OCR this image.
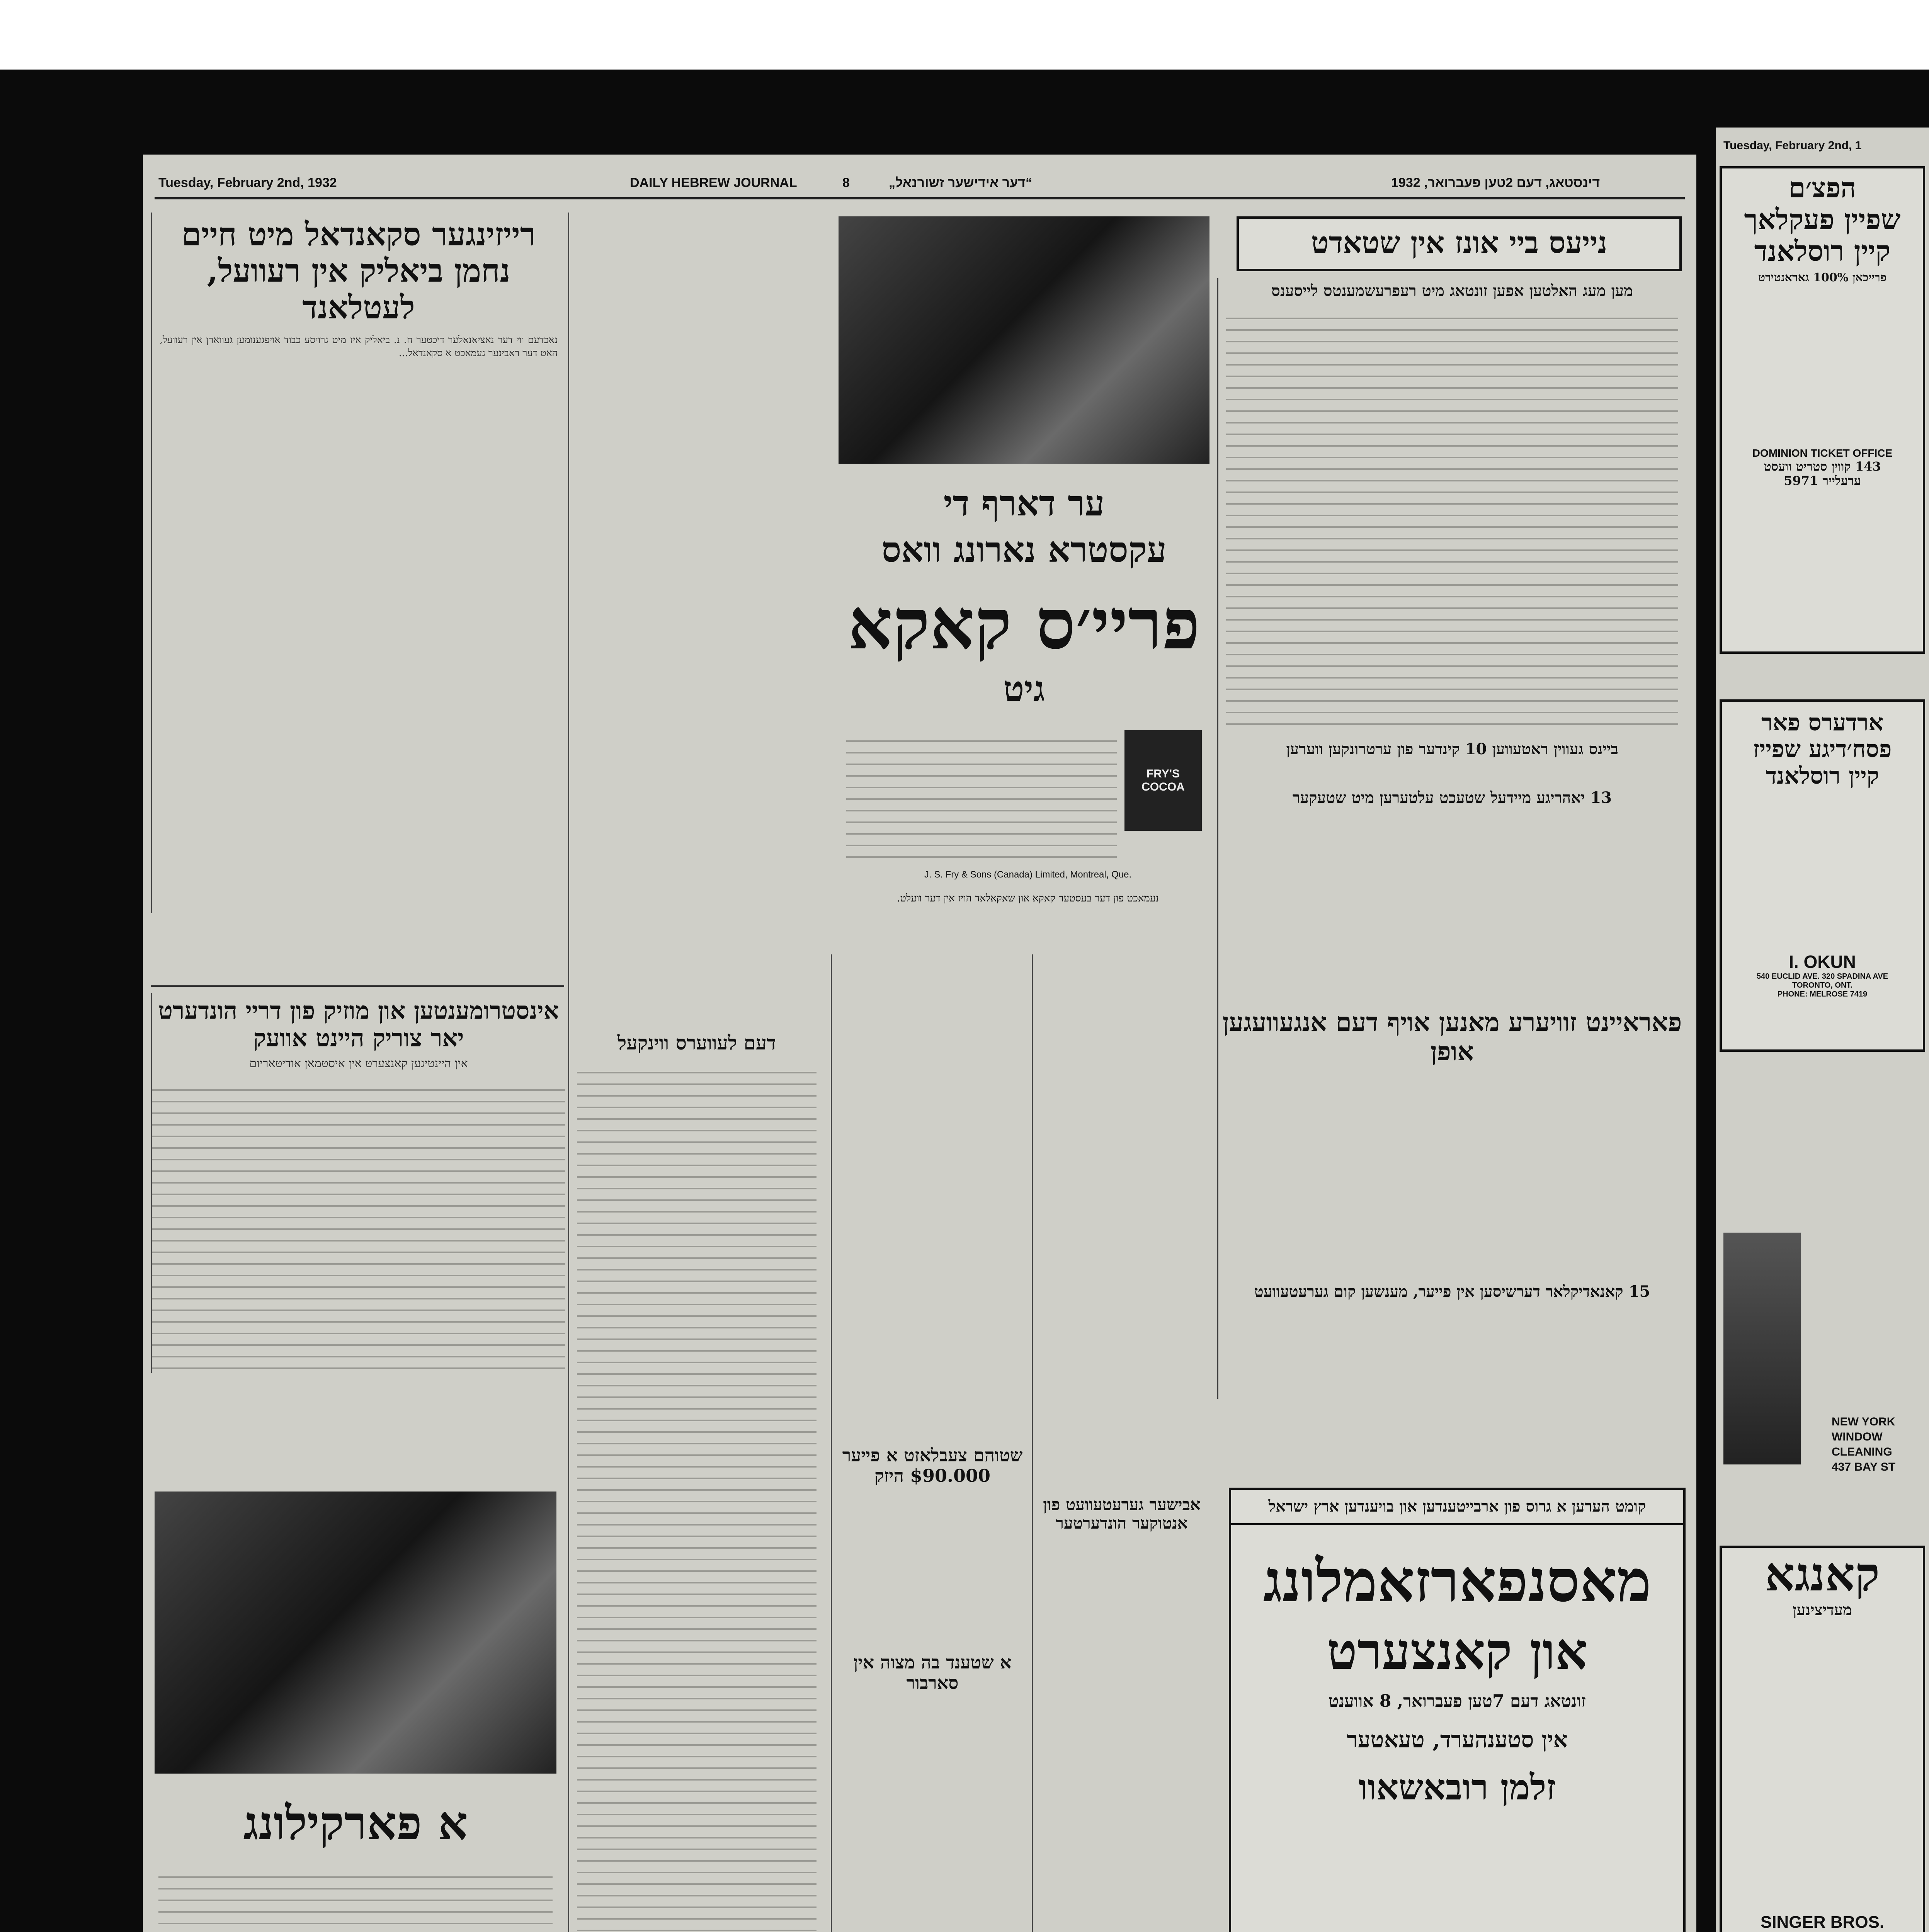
Tuesday, February 2nd, 1932	DAILY HEBREW JOURNAL	8	„דער אידישער זשורנאל“	דינסטאג, דעם 2טען פעברואר, 1932
רייזינגער סקאנדאל מיט חיים נחמן ביאליק אין רעוועל, לעטלאנד
נאכדעם ווי דער נאציאנאלער דיכטער ח. נ. ביאליק איז מיט גרויסע כבוד אויפגענומען געווארן אין רעוועל, האט דער ראבינער געמאכט א סקאנדאל...
אינסטרומענטען און מוזיק פון דריי הונדערט יאר צוריק היינט אוועק
אין היינטיגען קאנצערט אין איסטמאן אודיטאריום
א פארקילונג
דעם לעווערס ווינקעל
ער דארף די
עקסטרא נארונג וואס
פריי׳ס קאקא
גיט
FRY'S COCOA
J. S. Fry & Sons (Canada) Limited, Montreal, Que.
נעמאכט פון דער בעסטער קאקא און שאקאלאד הויז אין דער וועלט.
שטוהם צעבלאזט א פייער $90.000 היזק
א שטענד בה מצוה אין סארבור
אבישער גערעטעוועט פון אנטוקער הונדערטער
נייעס ביי אונז אין שטאדט
מען מעג האלטען אפען זונטאג מיט רעפרעשמענטס לייסענס
ביינס געווין ראטעווען 10 קינדער פון ערטרונקען ווערען
13 יאהריגע מיידעל שטעכט עלטערען מיט שטעקער
פאראיינט זוויערע מאנען אויף דעם אנגעוועגען אופן
15 קאנאדיקלאר דערשיסען אין פייער, מענשען קום גערעטעוועט
קומט הערען א גרוס פון ארבייטענדען און בויענדען ארץ ישראל
מאסנפארזאמלונג
און קאנצערט
זונטאג דעם 7טען פעברואר, 8 אווענט
אין סטענהערד, טעאטער
זלמן רובאשאוו
Tuesday, February 2nd, 1
הפצ׳ם
שפיין פעקלאך
קיין רוסלאנד
פרייכאן 100% גאראנטירט
DOMINION TICKET OFFICE
143 קווין סטריט וועסט
ערעלייר 5971
ארדערס פאר
פסח׳דיגע שפייז
קיין רוסלאנד
I. OKUN
540 EUCLID AVE. 320 SPADINA AVE
TORONTO, ONT.
PHONE: MELROSE 7419
NEW YORK
WINDOW
CLEANING
437 BAY ST
קאנגא
מעדיצינען
SINGER BROS.
